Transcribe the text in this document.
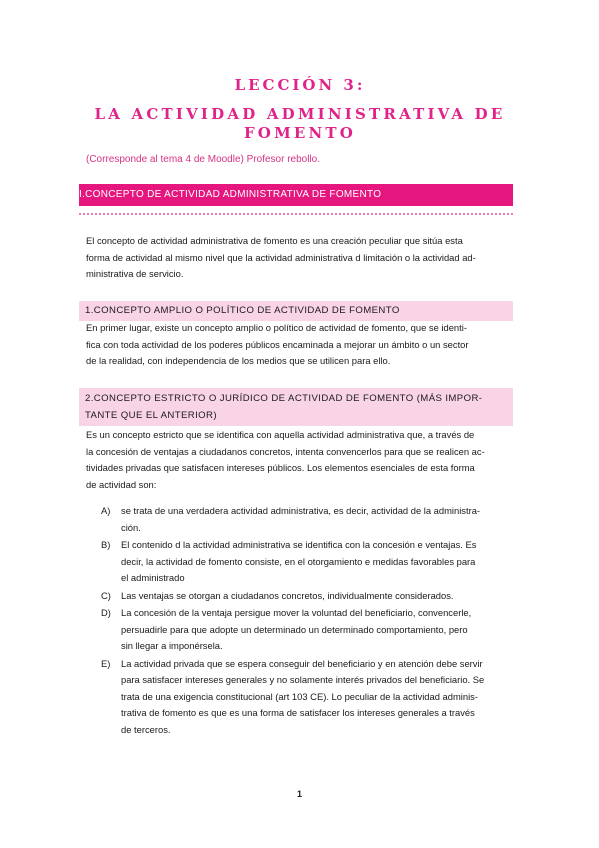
LECCIÓN 3:
LA ACTIVIDAD ADMINISTRATIVA DE
FOMENTO
(Corresponde al tema 4 de Moodle) Profesor rebollo.
I.CONCEPTO DE ACTIVIDAD ADMINISTRATIVA DE FOMENTO
El concepto de actividad administrativa de fomento es una creación peculiar que sitúa esta
forma de actividad al mismo nivel que la actividad administrativa d limitación o la actividad ad-
ministrativa de servicio.
1.CONCEPTO AMPLIO O POLÍTICO DE ACTIVIDAD DE FOMENTO
En primer lugar, existe un concepto amplio o político de actividad de fomento, que se identi-
fica con toda actividad de los poderes públicos encaminada a mejorar un ámbito o un sector
de la realidad, con independencia de los medios que se utilicen para ello.
2.CONCEPTO ESTRICTO O JURÍDICO DE ACTIVIDAD DE FOMENTO (MÁS IMPOR-
TANTE QUE EL ANTERIOR)
Es un concepto estricto que se identifica con aquella actividad administrativa que, a través de
la concesión de ventajas a ciudadanos concretos, intenta convencerlos para que se realicen ac-
tividades privadas que satisfacen intereses públicos. Los elementos esenciales de esta forma
de actividad son:
A)	se trata de una verdadera actividad administrativa, es decir, actividad de la administra-
ción.
B)	El contenido d la actividad administrativa se identifica con la concesión e ventajas. Es
decir, la actividad de fomento consiste, en el otorgamiento e medidas favorables para
el administrado
C)	Las ventajas se otorgan a ciudadanos concretos, individualmente considerados.
D)	La concesión de la ventaja persigue mover la voluntad del beneficiario, convencerle,
persuadirle para que adopte un determinado un determinado comportamiento, pero
sin llegar a imponérsela.
E)	La actividad privada que se espera conseguir del beneficiario y en atención debe servir
para satisfacer intereses generales y no solamente interés privados del beneficiario. Se
trata de una exigencia constitucional (art 103 CE). Lo peculiar de la actividad adminis-
trativa de fomento es que es una forma de satisfacer los intereses generales a través
de terceros.
1
